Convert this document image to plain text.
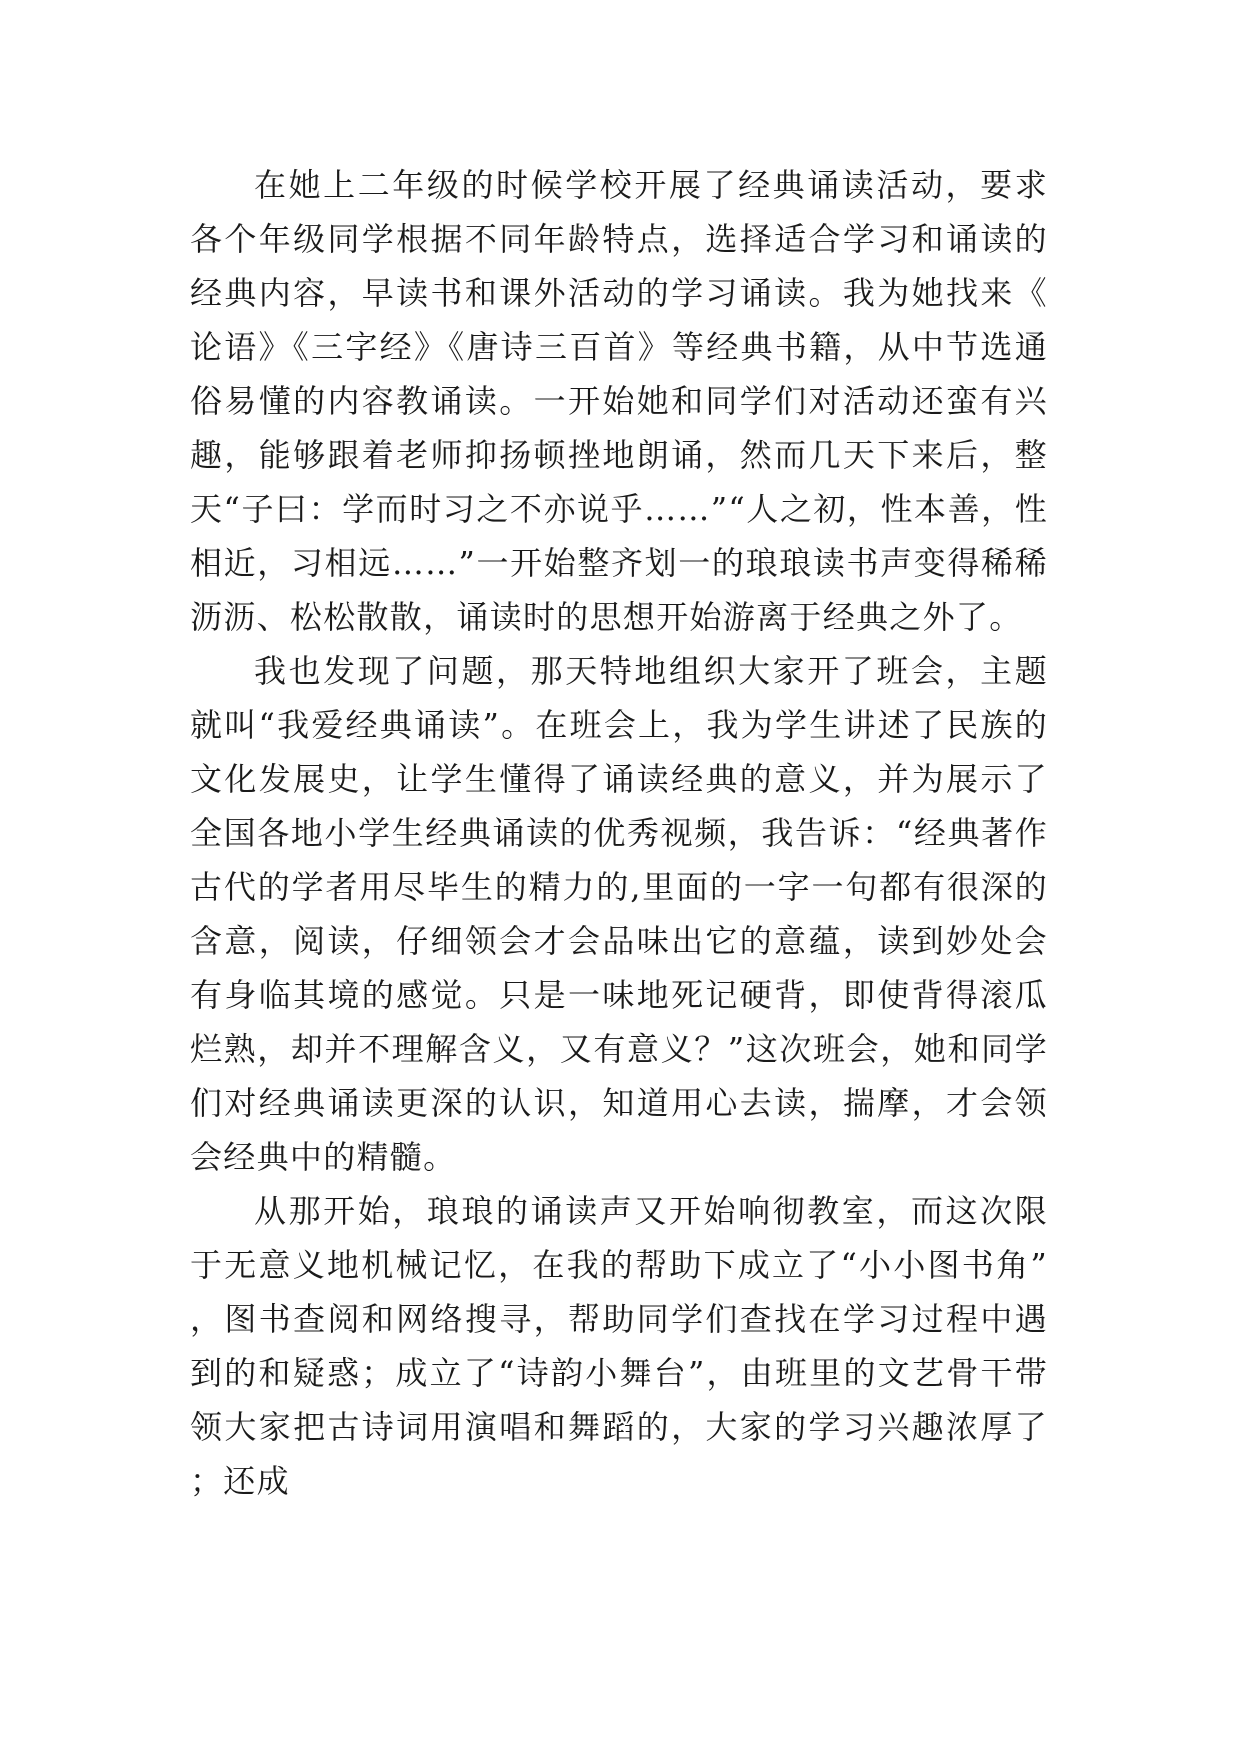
在她上二年级的时候学校开展了经典诵读活动，要求各个年级同学根据不同年龄特点，选择适合学习和诵读的经典内容，早读书和课外活动的学习诵读。我为她找来《论语》《三字经》《唐诗三百首》等经典书籍，从中节选通俗易懂的内容教诵读。一开始她和同学们对活动还蛮有兴趣，能够跟着老师抑扬顿挫地朗诵，然而几天下来后，整天“子曰：学而时习之不亦说乎……”“人之初，性本善，性相近，习相远……”一开始整齐划一的琅琅读书声变得稀稀沥沥、松松散散，诵读时的思想开始游离于经典之外了。

我也发现了问题，那天特地组织大家开了班会，主题就叫“我爱经典诵读”。在班会上，我为学生讲述了民族的文化发展史，让学生懂得了诵读经典的意义，并为展示了全国各地小学生经典诵读的优秀视频，我告诉：“经典著作古代的学者用尽毕生的精力的,里面的一字一句都有很深的含意，阅读，仔细领会才会品味出它的意蕴，读到妙处会有身临其境的感觉。只是一味地死记硬背，即使背得滚瓜烂熟，却并不理解含义，又有意义？”这次班会，她和同学们对经典诵读更深的认识，知道用心去读，揣摩，才会领会经典中的精髓。

从那开始，琅琅的诵读声又开始响彻教室，而这次限于无意义地机械记忆，在我的帮助下成立了“小小图书角”，图书查阅和网络搜寻，帮助同学们查找在学习过程中遇到的和疑惑；成立了“诗韵小舞台”，由班里的文艺骨干带领大家把古诗词用演唱和舞蹈的，大家的学习兴趣浓厚了；还成
